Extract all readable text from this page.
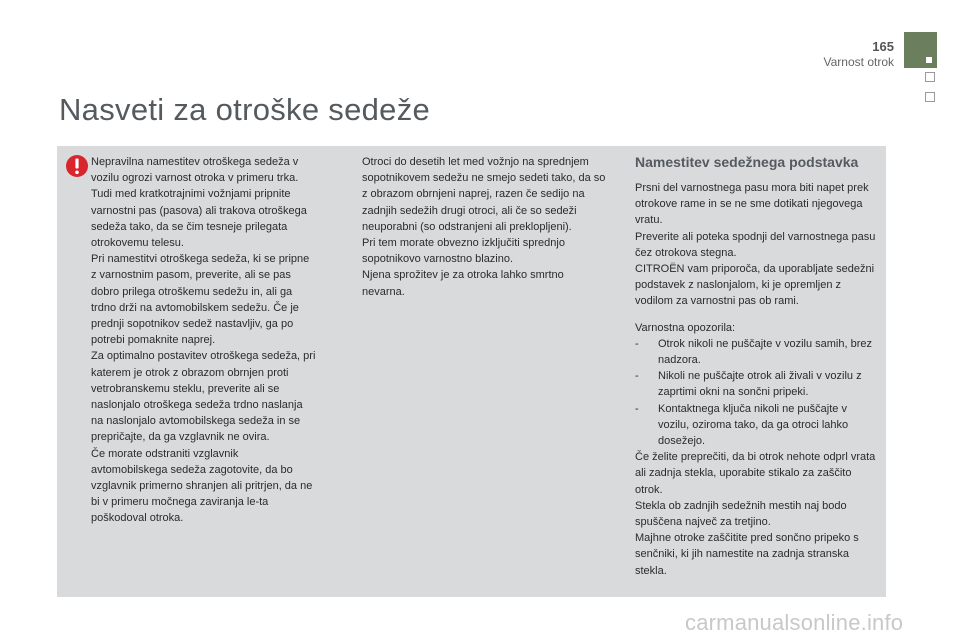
165
Varnost otrok
Nasveti za otroške sedeže

Nepravilna namestitev otroškega sedeža v vozilu ogrozi varnost otroka v primeru trka.

Tudi med kratkotrajnimi vožnjami pripnite varnostni pas (pasova) ali trakova otroškega sedeža tako, da se čim tesneje prilegata otrokovemu telesu.

Pri namestitvi otroškega sedeža, ki se pripne z varnostnim pasom, preverite, ali se pas dobro prilega otroškemu sedežu in, ali ga trdno drži na avtomobilskem sedežu. Če je prednji sopotnikov sedež nastavljiv, ga po potrebi pomaknite naprej.

Za optimalno postavitev otroškega sedeža, pri katerem je otrok z obrazom obrnjen proti vetrobranskemu steklu, preverite ali se naslonjalo otroškega sedeža trdno naslanja na naslonjalo avtomobilskega sedeža in se prepričajte, da ga vzglavnik ne ovira.

Če morate odstraniti vzglavnik avtomobilskega sedeža zagotovite, da bo vzglavnik primerno shranjen ali pritrjen, da ne bi v primeru močnega zaviranja le-ta poškodoval otroka.

Otroci do desetih let med vožnjo na sprednjem sopotnikovem sedežu ne smejo sedeti tako, da so z obrazom obrnjeni naprej, razen če sedijo na zadnjih sedežih drugi otroci, ali če so sedeži neuporabni (so odstranjeni ali preklopljeni).

Pri tem morate obvezno izključiti sprednjo sopotnikovo varnostno blazino.

Njena sprožitev je za otroka lahko smrtno nevarna.

Namestitev sedežnega podstavka

Prsni del varnostnega pasu mora biti napet prek otrokove rame in se ne sme dotikati njegovega vratu.

Preverite ali poteka spodnji del varnostnega pasu čez otrokova stegna.

CITROËN vam priporoča, da uporabljate sedežni podstavek z naslonjalom, ki je opremljen z vodilom za varnostni pas ob rami.

Varnostna opozorila:

- Otrok nikoli ne puščajte v vozilu samih, brez nadzora.
- Nikoli ne puščajte otrok ali živali v vozilu z zaprtimi okni na sončni pripeki.
- Kontaktnega ključa nikoli ne puščajte v vozilu, oziroma tako, da ga otroci lahko dosežejo.

Če želite preprečiti, da bi otrok nehote odprl vrata ali zadnja stekla, uporabite stikalo za zaščito otrok.

Stekla ob zadnjih sedežnih mestih naj bodo spuščena največ za tretjino.

Majhne otroke zaščitite pred sončno pripeko s senčniki, ki jih namestite na zadnja stranska stekla.

carmanualsonline.info
